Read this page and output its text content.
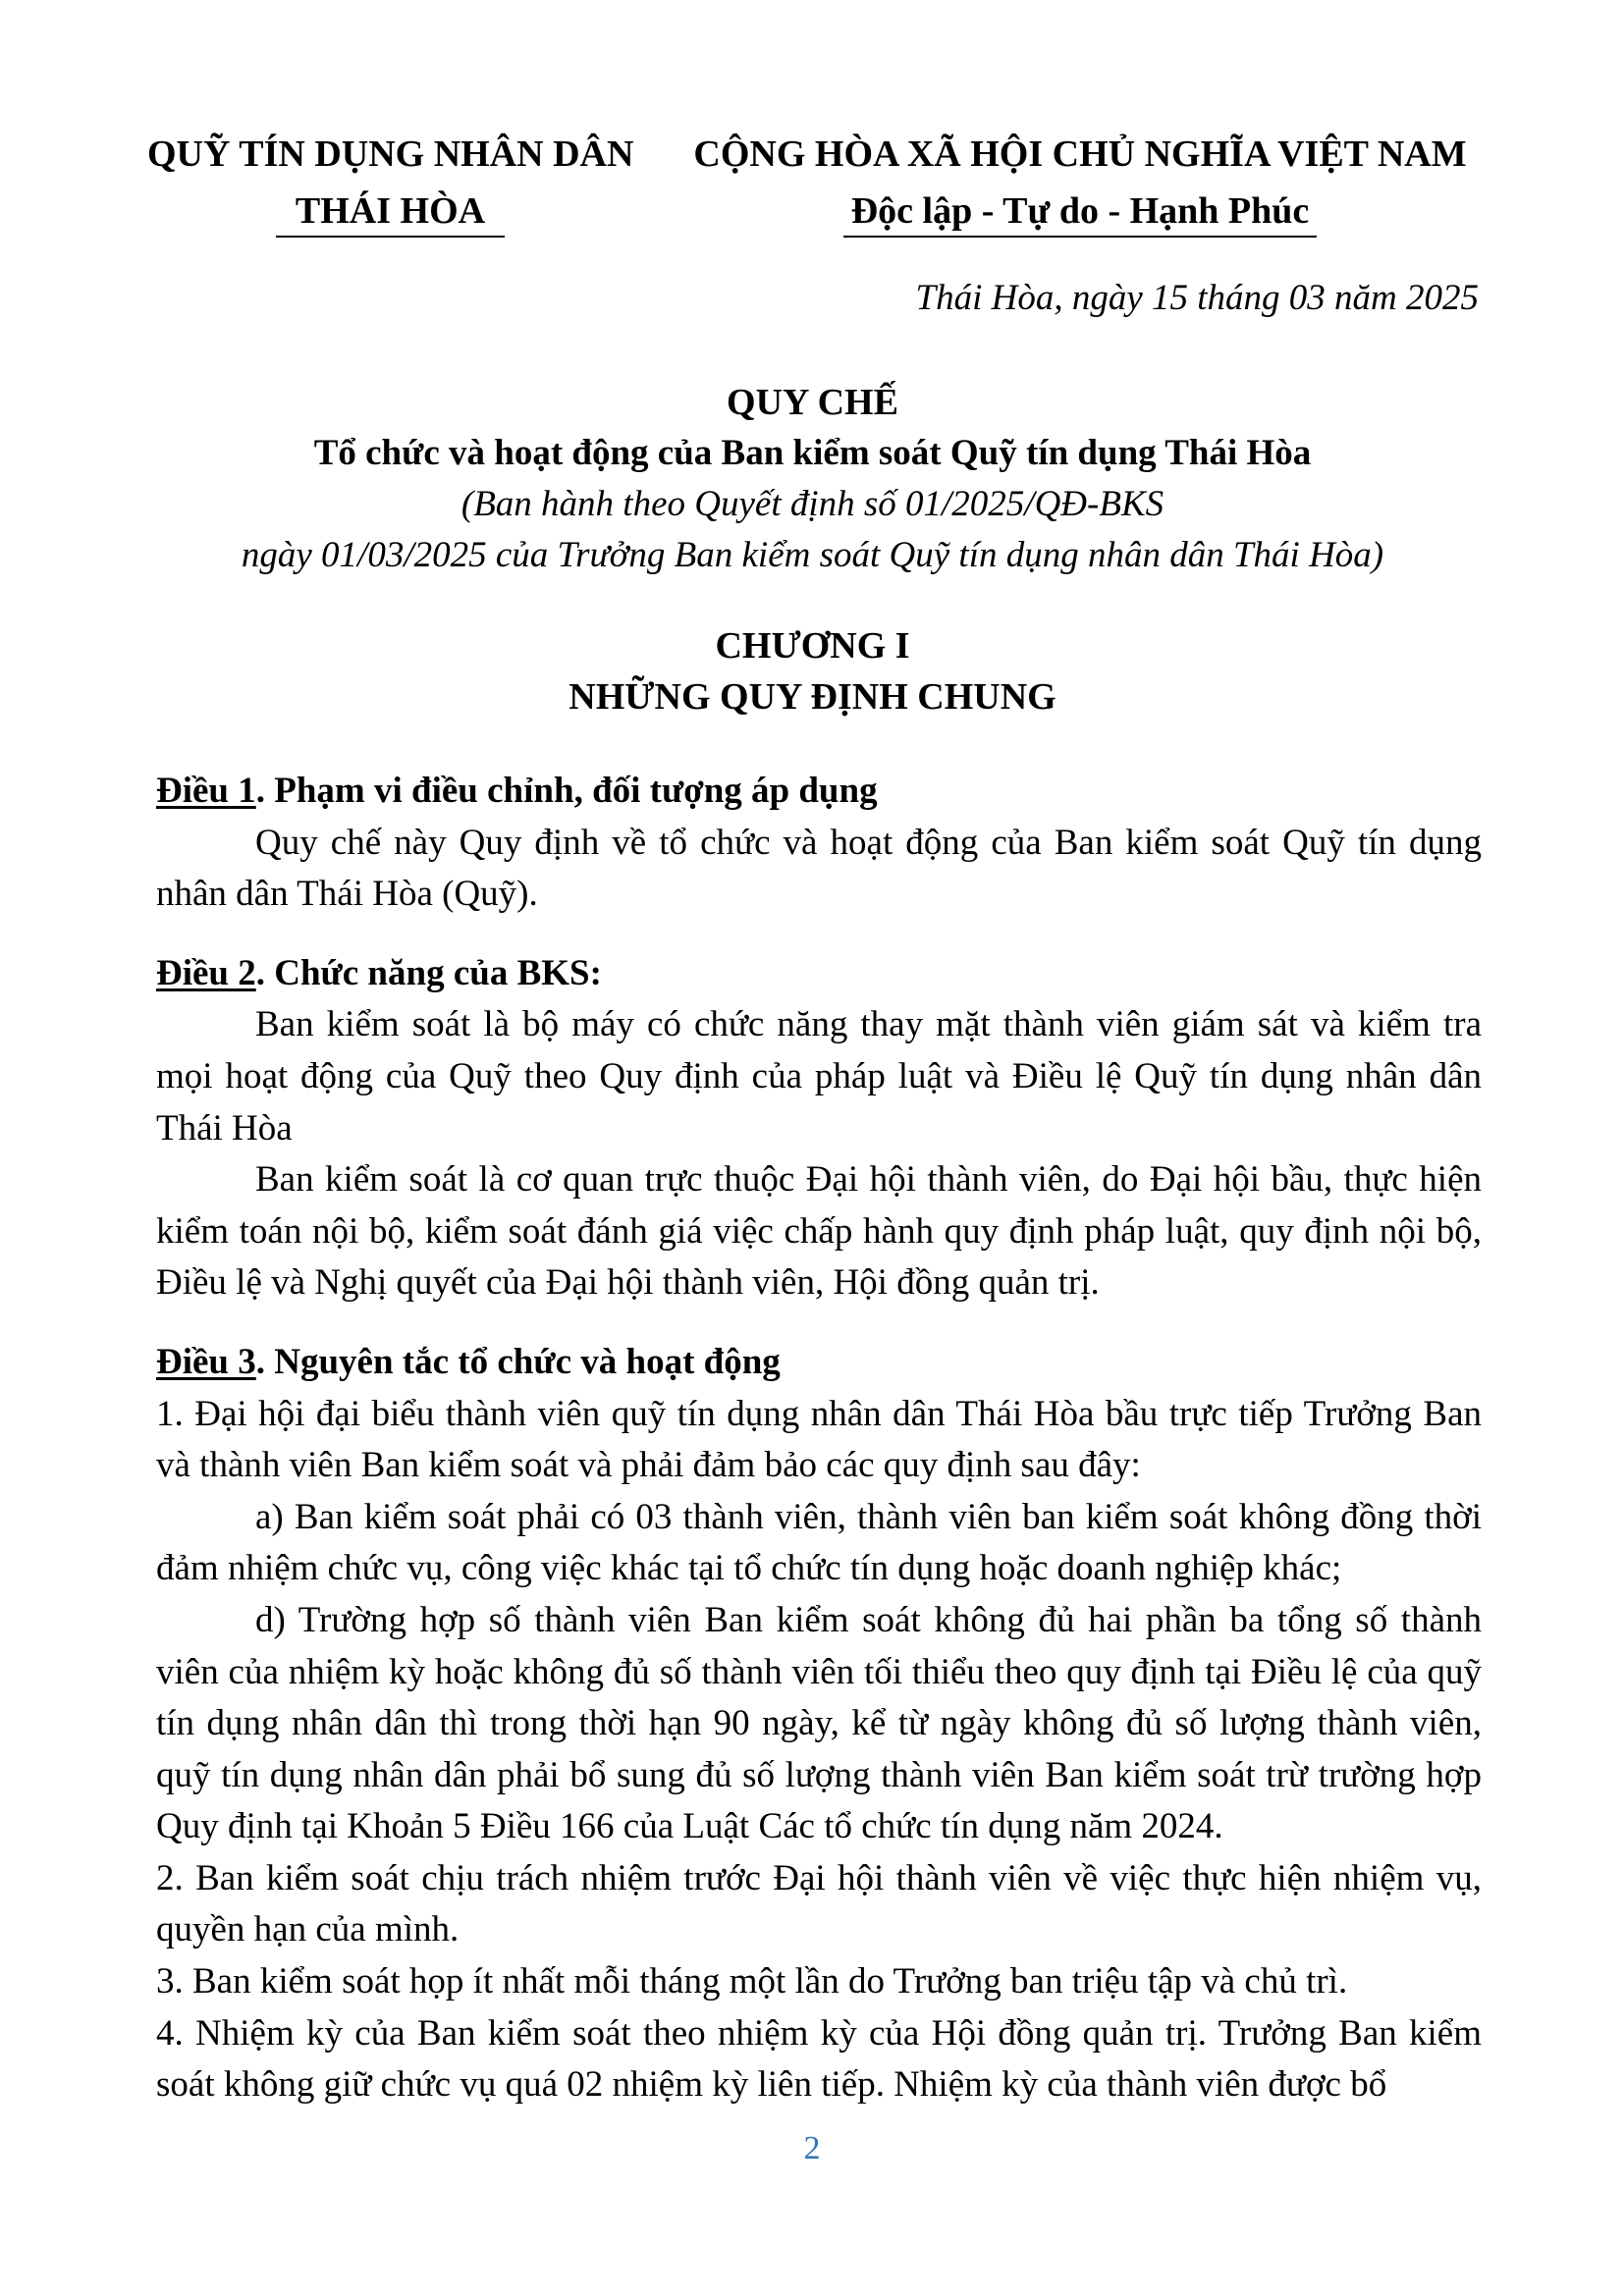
QUỸ TÍN DỤNG NHÂN DÂN
THÁI HÒA
CỘNG HÒA XÃ HỘI CHỦ NGHĨA VIỆT NAM
Độc lập - Tự do - Hạnh Phúc
Thái Hòa, ngày 15 tháng 03 năm 2025
QUY CHẾ
Tổ chức và hoạt động của Ban kiểm soát Quỹ tín dụng Thái Hòa
(Ban hành theo Quyết định số 01/2025/QĐ-BKS
ngày 01/03/2025 của Trưởng Ban kiểm soát Quỹ tín dụng nhân dân Thái Hòa)
CHƯƠNG I
NHỮNG QUY ĐỊNH CHUNG
Điều 1. Phạm vi điều chỉnh, đối tượng áp dụng

Quy chế này Quy định về tổ chức và hoạt động của Ban kiểm soát Quỹ tín dụng nhân dân Thái Hòa (Quỹ).

Điều 2. Chức năng của BKS:

Ban kiểm soát là bộ máy có chức năng thay mặt thành viên giám sát và kiểm tra mọi hoạt động của Quỹ theo Quy định của pháp luật và Điều lệ Quỹ tín dụng nhân dân Thái Hòa

Ban kiểm soát là cơ quan trực thuộc Đại hội thành viên, do Đại hội bầu, thực hiện kiểm toán nội bộ, kiểm soát đánh giá việc chấp hành quy định pháp luật, quy định nội bộ, Điều lệ và Nghị quyết của Đại hội thành viên, Hội đồng quản trị.

Điều 3. Nguyên tắc tổ chức và hoạt động

1. Đại hội đại biểu thành viên quỹ tín dụng nhân dân Thái Hòa bầu trực tiếp Trưởng Ban và thành viên Ban kiểm soát và phải đảm bảo các quy định sau đây:

a) Ban kiểm soát phải có 03 thành viên, thành viên ban kiểm soát không đồng thời đảm nhiệm chức vụ, công việc khác tại tổ chức tín dụng hoặc doanh nghiệp khác;

d) Trường hợp số thành viên Ban kiểm soát không đủ hai phần ba tổng số thành viên của nhiệm kỳ hoặc không đủ số thành viên tối thiểu theo quy định tại Điều lệ của quỹ tín dụng nhân dân thì trong thời hạn 90 ngày, kể từ ngày không đủ số lượng thành viên, quỹ tín dụng nhân dân phải bổ sung đủ số lượng thành viên Ban kiểm soát trừ trường hợp Quy định tại Khoản 5 Điều 166 của Luật Các tổ chức tín dụng năm 2024.

2. Ban kiểm soát chịu trách nhiệm trước Đại hội thành viên về việc thực hiện nhiệm vụ, quyền hạn của mình.

3. Ban kiểm soát họp ít nhất mỗi tháng một lần do Trưởng ban triệu tập và chủ trì.

4. Nhiệm kỳ của Ban kiểm soát theo nhiệm kỳ của Hội đồng quản trị. Trưởng Ban kiểm soát không giữ chức vụ quá 02 nhiệm kỳ liên tiếp. Nhiệm kỳ của thành viên được bổ

2
